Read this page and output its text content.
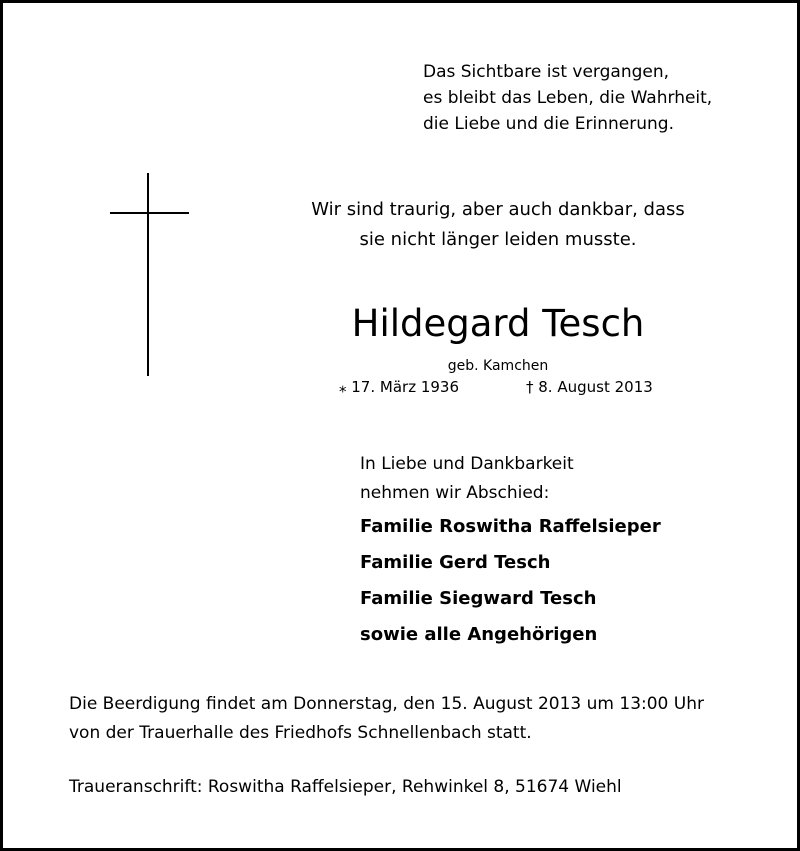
Das Sichtbare ist vergangen,
es bleibt das Leben, die Wahrheit,
die Liebe und die Erinnerung.
Wir sind traurig, aber auch dankbar, dass
sie nicht länger leiden musste.
Hildegard Tesch
geb. Kamchen
⁎ 17. März 1936	† 8. August 2013
In Liebe und Dankbarkeit
nehmen wir Abschied:
Familie Roswitha Raffelsieper
Familie Gerd Tesch
Familie Siegward Tesch
sowie alle Angehörigen
Die Beerdigung findet am Donnerstag, den 15. August 2013 um 13:00 Uhr
von der Trauerhalle des Friedhofs Schnellenbach statt.
Traueranschrift: Roswitha Raffelsieper, Rehwinkel 8, 51674 Wiehl
